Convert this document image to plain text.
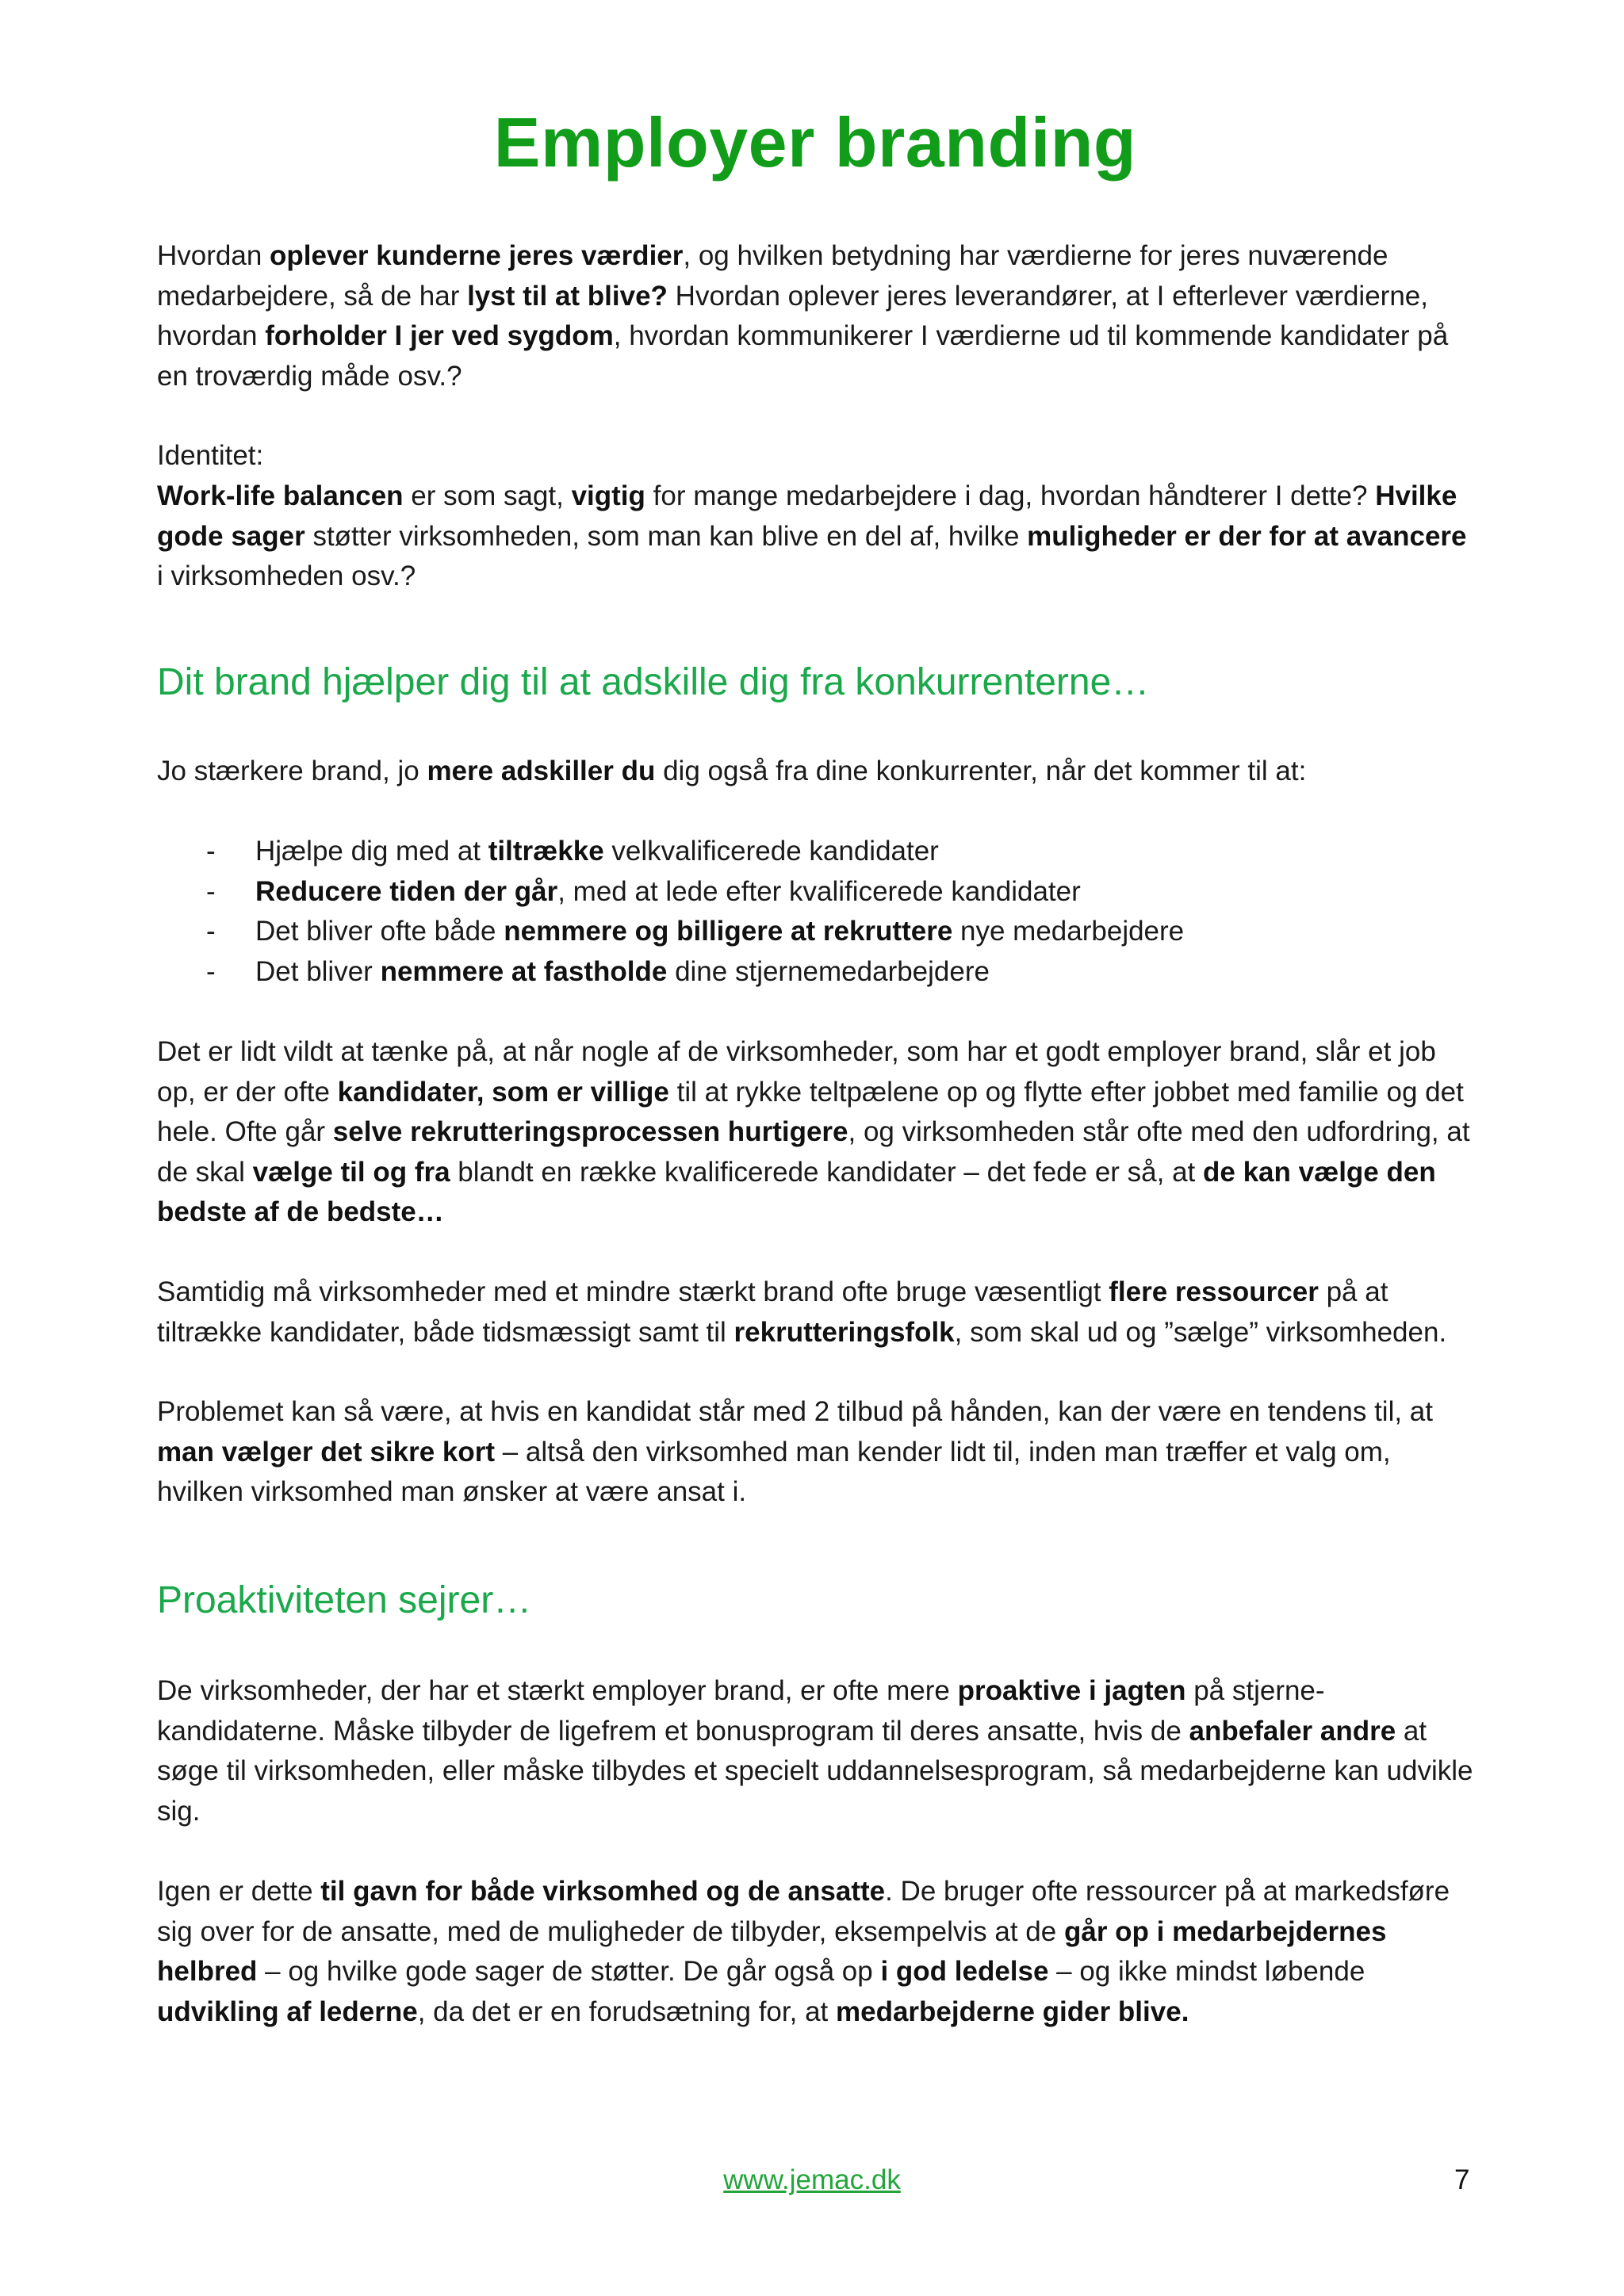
Employer branding

Hvordan oplever kunderne jeres værdier, og hvilken betydning har værdierne for jeres nuværende medarbejdere, så de har lyst til at blive? Hvordan oplever jeres leverandører, at I efterlever værdierne, hvordan forholder I jer ved sygdom, hvordan kommunikerer I værdierne ud til kommende kandidater på en troværdig måde osv.?

Identitet:

Work-life balancen er som sagt, vigtig for mange medarbejdere i dag, hvordan håndterer I dette? Hvilke gode sager støtter virksomheden, som man kan blive en del af, hvilke muligheder er der for at avancere i virksomheden osv.?

Dit brand hjælper dig til at adskille dig fra konkurrenterne…

Jo stærkere brand, jo mere adskiller du dig også fra dine konkurrenter, når det kommer til at:

- Hjælpe dig med at tiltrække velkvalificerede kandidater
- Reducere tiden der går, med at lede efter kvalificerede kandidater
- Det bliver ofte både nemmere og billigere at rekruttere nye medarbejdere
- Det bliver nemmere at fastholde dine stjernemedarbejdere

Det er lidt vildt at tænke på, at når nogle af de virksomheder, som har et godt employer brand, slår et job op, er der ofte kandidater, som er villige til at rykke teltpælene op og flytte efter jobbet med familie og det hele. Ofte går selve rekrutteringsprocessen hurtigere, og virksomheden står ofte med den udfordring, at de skal vælge til og fra blandt en række kvalificerede kandidater – det fede er så, at de kan vælge den bedste af de bedste…

Samtidig må virksomheder med et mindre stærkt brand ofte bruge væsentligt flere ressourcer på at tiltrække kandidater, både tidsmæssigt samt til rekrutteringsfolk, som skal ud og ”sælge” virksomheden.

Problemet kan så være, at hvis en kandidat står med 2 tilbud på hånden, kan der være en tendens til, at man vælger det sikre kort – altså den virksomhed man kender lidt til, inden man træffer et valg om, hvilken virksomhed man ønsker at være ansat i.

Proaktiviteten sejrer…

De virksomheder, der har et stærkt employer brand, er ofte mere proaktive i jagten på stjerne-kandidaterne. Måske tilbyder de ligefrem et bonusprogram til deres ansatte, hvis de anbefaler andre at søge til virksomheden, eller måske tilbydes et specielt uddannelsesprogram, så medarbejderne kan udvikle sig.

Igen er dette til gavn for både virksomhed og de ansatte. De bruger ofte ressourcer på at markedsføre sig over for de ansatte, med de muligheder de tilbyder, eksempelvis at de går op i medarbejdernes helbred – og hvilke gode sager de støtter. De går også op i god ledelse – og ikke mindst løbende udvikling af lederne, da det er en forudsætning for, at medarbejderne gider blive.

www.jemac.dk	7
